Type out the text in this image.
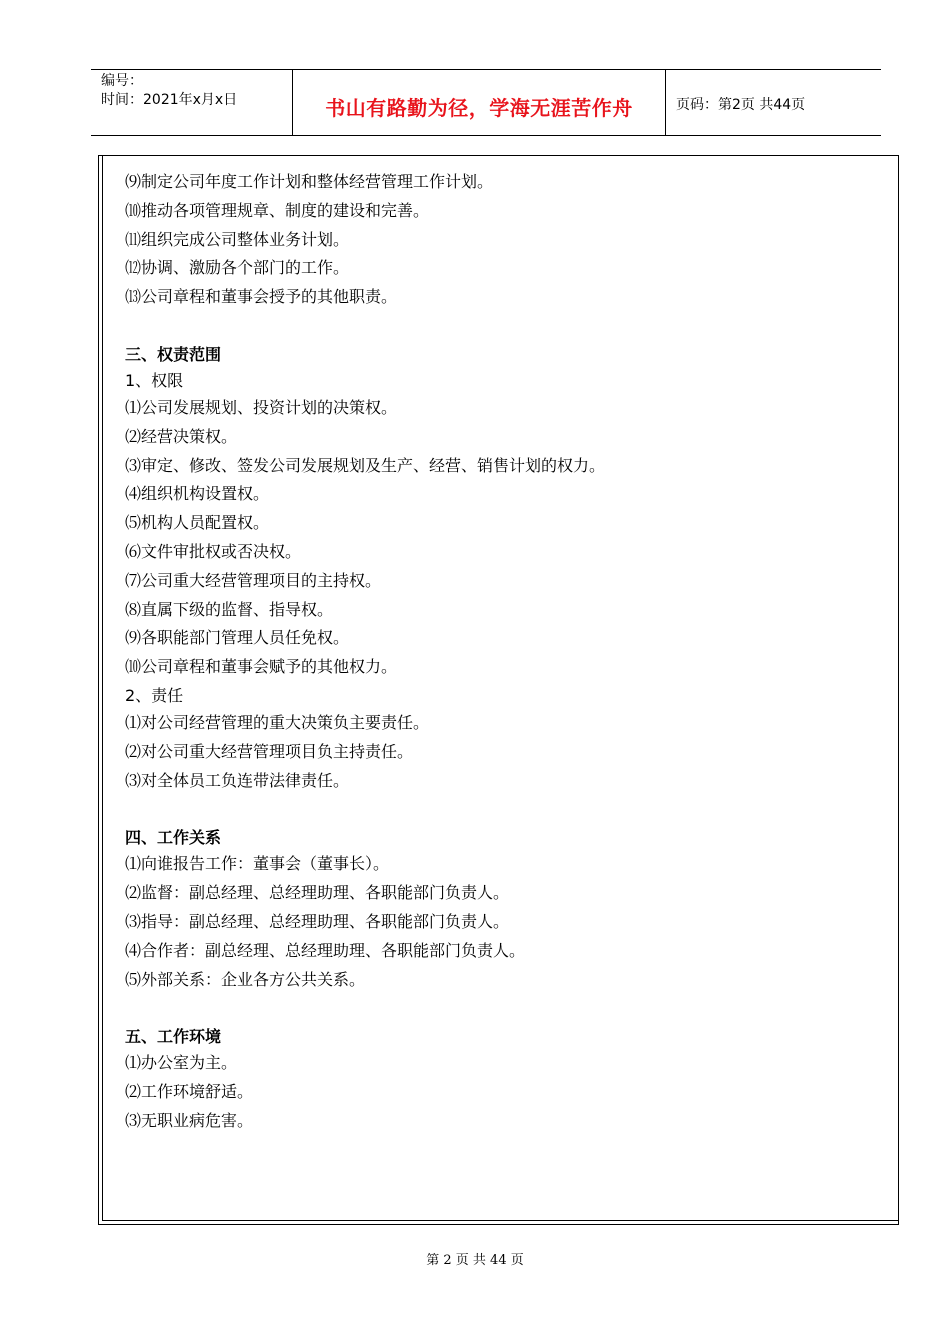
编号：
时间：2021年x月x日	书山有路勤为径，学海无涯苦作舟	页码：第2页 共44页
⑼制定公司年度工作计划和整体经营管理工作计划。
⑽推动各项管理规章、制度的建设和完善。
⑾组织完成公司整体业务计划。
⑿协调、激励各个部门的工作。
⒀公司章程和董事会授予的其他职责。
三、权责范围
1、权限
⑴公司发展规划、投资计划的决策权。
⑵经营决策权。
⑶审定、修改、签发公司发展规划及生产、经营、销售计划的权力。
⑷组织机构设置权。
⑸机构人员配置权。
⑹文件审批权或否决权。
⑺公司重大经营管理项目的主持权。
⑻直属下级的监督、指导权。
⑼各职能部门管理人员任免权。
⑽公司章程和董事会赋予的其他权力。
2、责任
⑴对公司经营管理的重大决策负主要责任。
⑵对公司重大经营管理项目负主持责任。
⑶对全体员工负连带法律责任。
四、工作关系
⑴向谁报告工作：董事会（董事长）。
⑵监督：副总经理、总经理助理、各职能部门负责人。
⑶指导：副总经理、总经理助理、各职能部门负责人。
⑷合作者：副总经理、总经理助理、各职能部门负责人。
⑸外部关系：企业各方公共关系。
五、工作环境
⑴办公室为主。
⑵工作环境舒适。
⑶无职业病危害。
第 2 页 共 44 页
